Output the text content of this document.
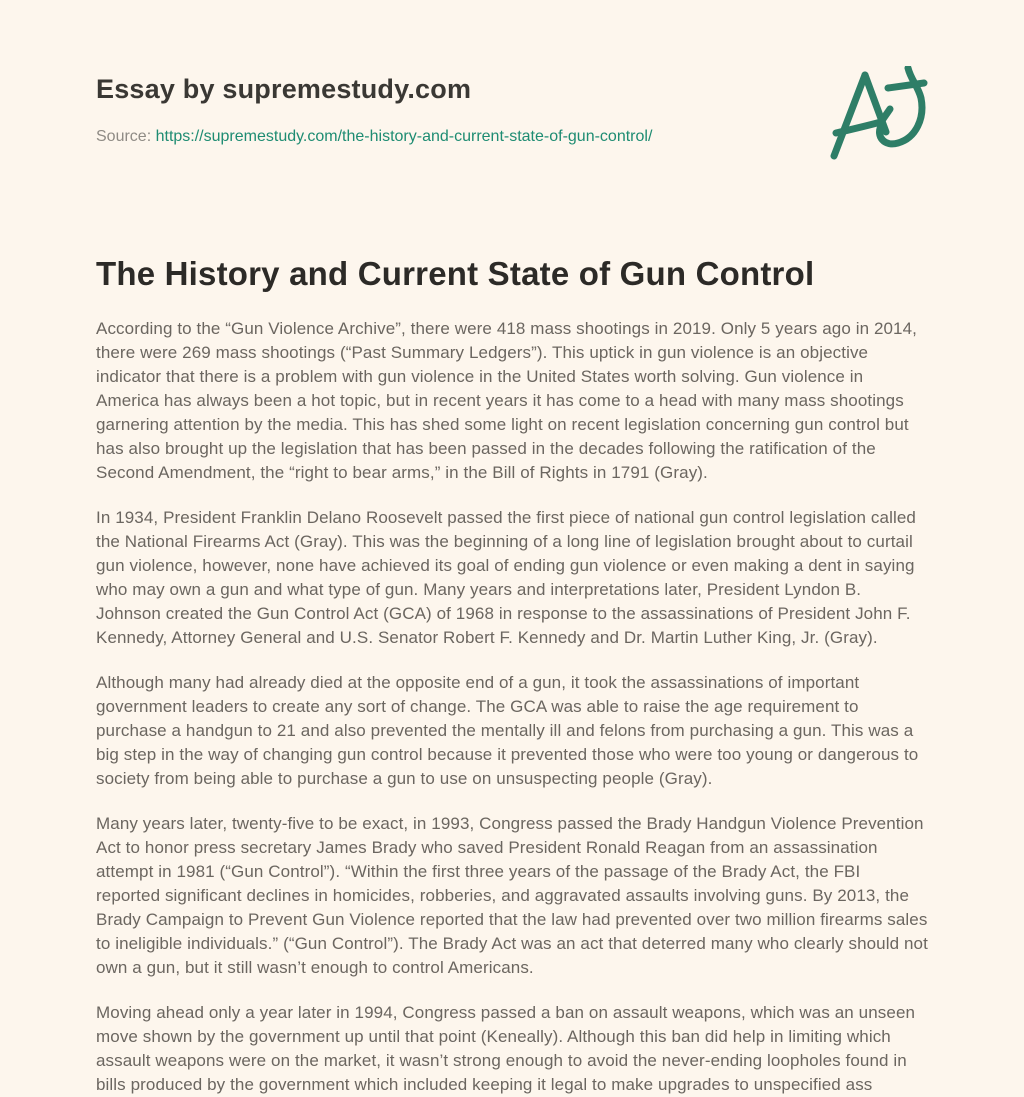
Essay by supremestudy.com
Source: https://supremestudy.com/the-history-and-current-state-of-gun-control/
The History and Current State of Gun Control

According to the “Gun Violence Archive”, there were 418 mass shootings in 2019. Only 5 years ago in 2014, there were 269 mass shootings (“Past Summary Ledgers”). This uptick in gun violence is an objective indicator that there is a problem with gun violence in the United States worth solving. Gun violence in America has always been a hot topic, but in recent years it has come to a head with many mass shootings garnering attention by the media. This has shed some light on recent legislation concerning gun control but has also brought up the legislation that has been passed in the decades following the ratification of the Second Amendment, the “right to bear arms,” in the Bill of Rights in 1791 (Gray).

In 1934, President Franklin Delano Roosevelt passed the first piece of national gun control legislation called the National Firearms Act (Gray). This was the beginning of a long line of legislation brought about to curtail gun violence, however, none have achieved its goal of ending gun violence or even making a dent in saying who may own a gun and what type of gun. Many years and interpretations later, President Lyndon B. Johnson created the Gun Control Act (GCA) of 1968 in response to the assassinations of President John F. Kennedy, Attorney General and U.S. Senator Robert F. Kennedy and Dr. Martin Luther King, Jr. (Gray).

Although many had already died at the opposite end of a gun, it took the assassinations of important government leaders to create any sort of change. The GCA was able to raise the age requirement to purchase a handgun to 21 and also prevented the mentally ill and felons from purchasing a gun. This was a big step in the way of changing gun control because it prevented those who were too young or dangerous to society from being able to purchase a gun to use on unsuspecting people (Gray).

Many years later, twenty-five to be exact, in 1993, Congress passed the Brady Handgun Violence Prevention Act to honor press secretary James Brady who saved President Ronald Reagan from an assassination attempt in 1981 (“Gun Control”). “Within the first three years of the passage of the Brady Act, the FBI reported significant declines in homicides, robberies, and aggravated assaults involving guns. By 2013, the Brady Campaign to Prevent Gun Violence reported that the law had prevented over two million firearms sales to ineligible individuals.” (“Gun Control”). The Brady Act was an act that deterred many who clearly should not own a gun, but it still wasn’t enough to control Americans.

Moving ahead only a year later in 1994, Congress passed a ban on assault weapons, which was an unseen move shown by the government up until that point (Keneally). Although this ban did help in limiting which assault weapons were on the market, it wasn’t strong enough to avoid the never-ending loopholes found in bills produced by the government which included keeping it legal to make upgrades to unspecified ass
